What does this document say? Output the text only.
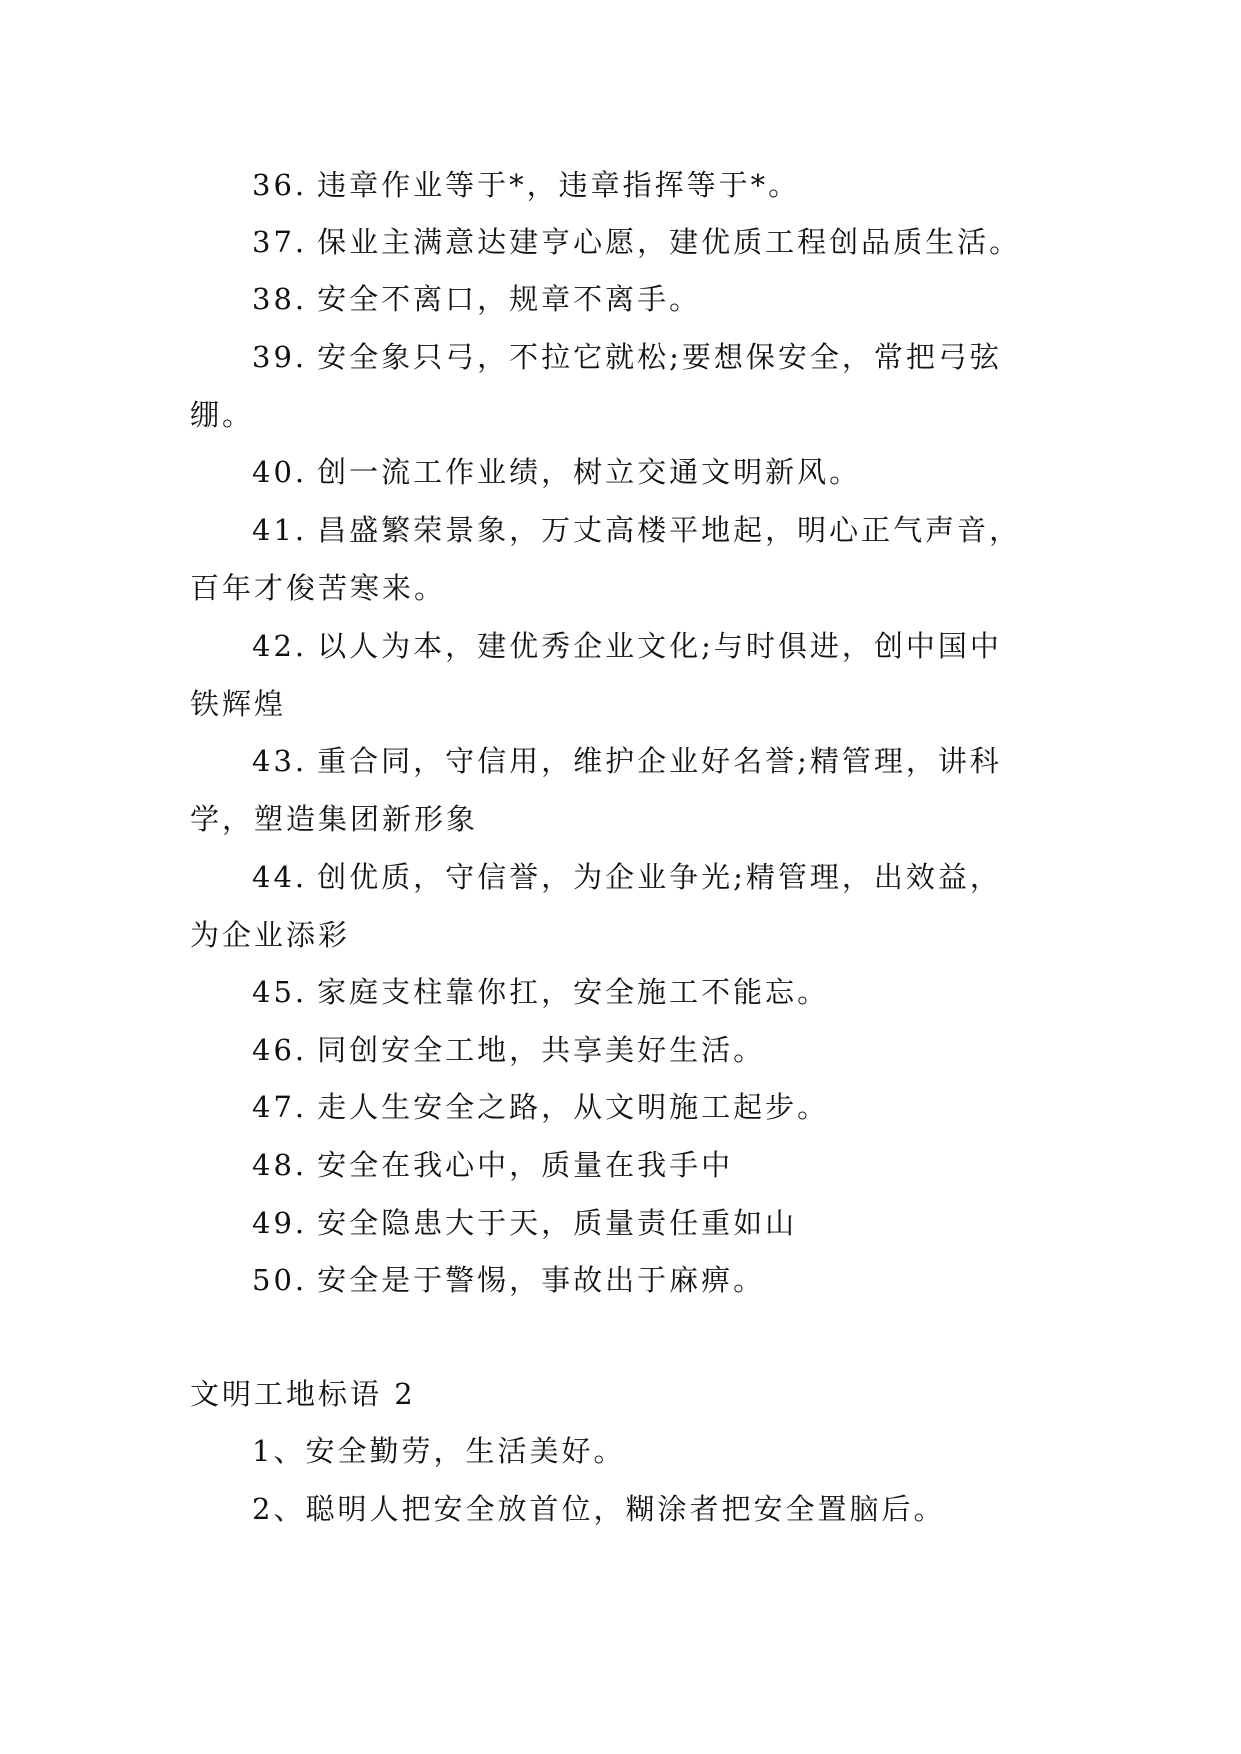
36. 违章作业等于*，违章指挥等于*。
37. 保业主满意达建亨心愿，建优质工程创品质生活。
38. 安全不离口，规章不离手。
39. 安全象只弓，不拉它就松;要想保安全，常把弓弦
绷。
40. 创一流工作业绩，树立交通文明新风。
41. 昌盛繁荣景象，万丈高楼平地起，明心正气声音，
百年才俊苦寒来。
42. 以人为本，建优秀企业文化;与时俱进，创中国中
铁辉煌
43. 重合同，守信用，维护企业好名誉;精管理，讲科
学，塑造集团新形象
44. 创优质，守信誉，为企业争光;精管理，出效益，
为企业添彩
45. 家庭支柱靠你扛，安全施工不能忘。
46. 同创安全工地，共享美好生活。
47. 走人生安全之路，从文明施工起步。
48. 安全在我心中，质量在我手中
49. 安全隐患大于天，质量责任重如山
50. 安全是于警惕，事故出于麻痹。
文明工地标语 2
1、安全勤劳，生活美好。
2、聪明人把安全放首位，糊涂者把安全置脑后。
